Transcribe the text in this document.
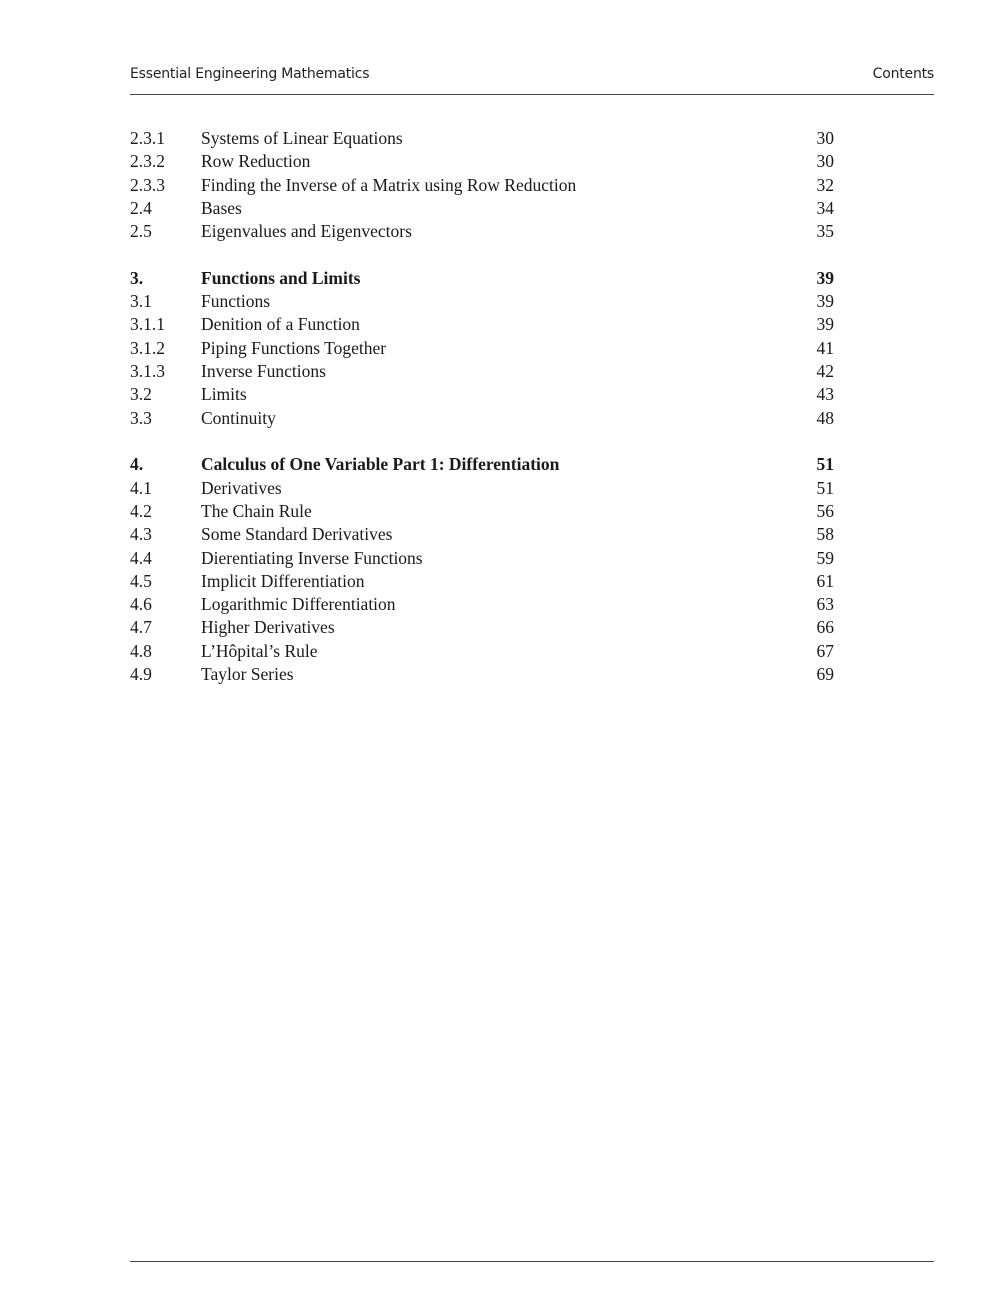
Essential Engineering Mathematics	Contents
2.3.1 Systems of Linear Equations	30
2.3.2 Row Reduction	30
2.3.3 Finding the Inverse of a Matrix using Row Reduction	32
2.4	Bases	34
2.5	Eigenvalues and Eigenvectors	35
3.	Functions and Limits	39
3.1	Functions	39
3.1.1 Denition of a Function	39
3.1.2 Piping Functions Together	41
3.1.3 Inverse Functions	42
3.2	Limits	43
3.3	Continuity	48
4.	Calculus of One Variable Part 1: Differentiation	51
4.1	Derivatives	51
4.2	The Chain Rule	56
4.3	Some Standard Derivatives	58
4.4	Dierentiating Inverse Functions	59
4.5	Implicit Differentiation	61
4.6	Logarithmic Differentiation	63
4.7	Higher Derivatives	66
4.8	L’Hôpital’s Rule	67
4.9	Taylor Series	69
